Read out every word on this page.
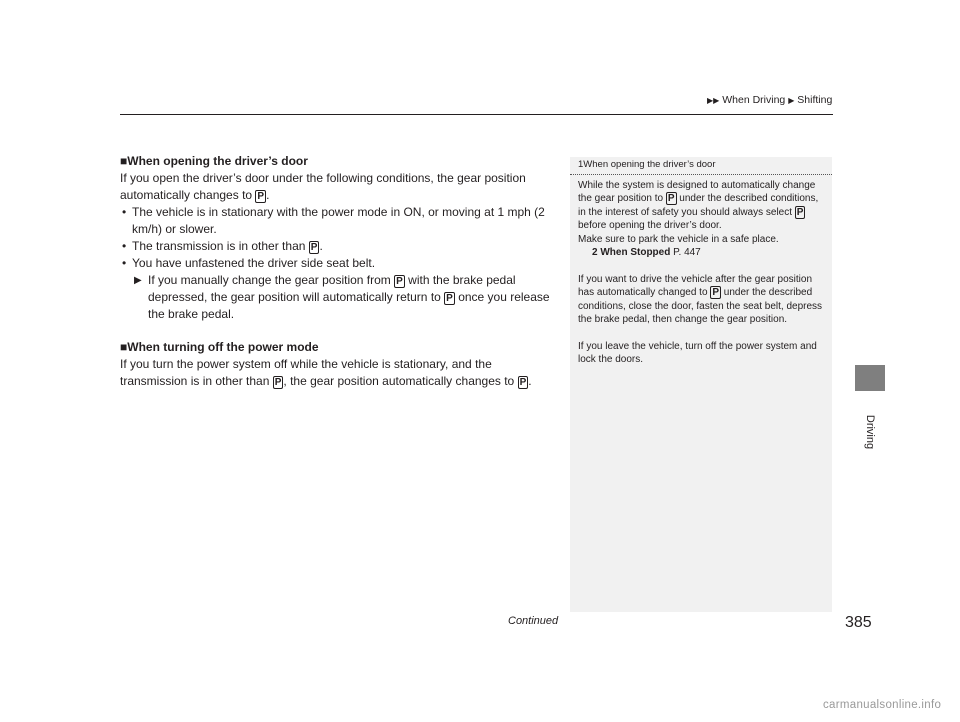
▶▶ When Driving ▶ Shifting
Driving
■When opening the driver’s door

If you open the driver’s door under the following conditions, the gear position automatically changes to P .

• The vehicle is in stationary with the power mode in ON, or moving at 1 mph (2 km/h) or slower.
• The transmission is in other than P .
• You have unfastened the driver side seat belt.
▶ If you manually change the gear position from P with the brake pedal depressed, the gear position will automatically return to P once you release the brake pedal.
■When turning off the power mode

If you turn the power system off while the vehicle is stationary, and the transmission is in other than P , the gear position automatically changes to P .

1When opening the driver’s door

While the system is designed to automatically change the gear position to P under the described conditions, in the interest of safety you should always select P before opening the driver’s door.

Make sure to park the vehicle in a safe place.

2 When Stopped P. 447

If you want to drive the vehicle after the gear position has automatically changed to P under the described conditions, close the door, fasten the seat belt, depress the brake pedal, then change the gear position.

If you leave the vehicle, turn off the power system and lock the doors.

Continued	385
carmanualsonline.info
